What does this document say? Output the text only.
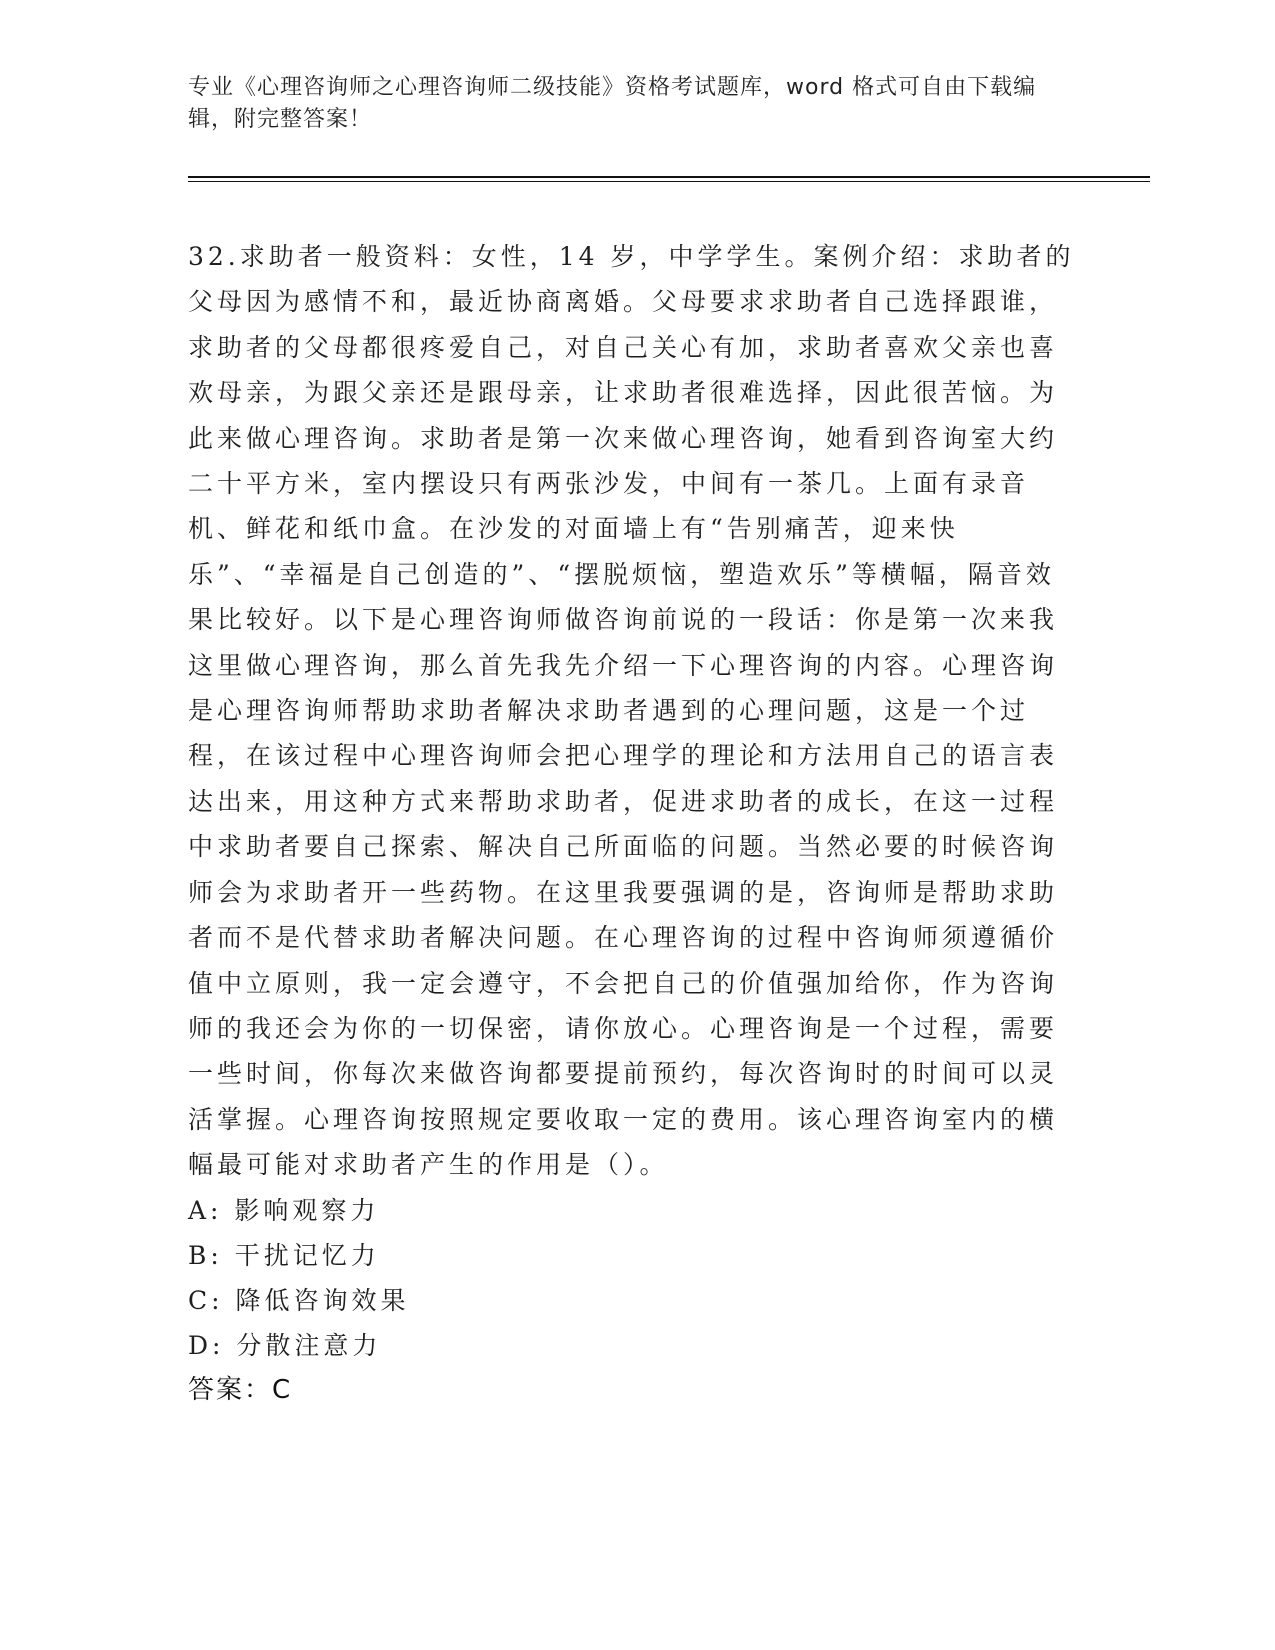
专业《心理咨询师之心理咨询师二级技能》资格考试题库，word 格式可自由下载编辑，附完整答案！
32.求助者一般资料：女性，14 岁，中学学生。案例介绍：求助者的父母因为感情不和，最近协商离婚。父母要求求助者自己选择跟谁，求助者的父母都很疼爱自己，对自己关心有加，求助者喜欢父亲也喜欢母亲，为跟父亲还是跟母亲，让求助者很难选择，因此很苦恼。为此来做心理咨询。求助者是第一次来做心理咨询，她看到咨询室大约二十平方米，室内摆设只有两张沙发，中间有一茶几。上面有录音机、鲜花和纸巾盒。在沙发的对面墙上有“告别痛苦，迎来快乐”、“幸福是自己创造的”、“摆脱烦恼，塑造欢乐”等横幅，隔音效果比较好。以下是心理咨询师做咨询前说的一段话：你是第一次来我这里做心理咨询，那么首先我先介绍一下心理咨询的内容。心理咨询是心理咨询师帮助求助者解决求助者遇到的心理问题，这是一个过程，在该过程中心理咨询师会把心理学的理论和方法用自己的语言表达出来，用这种方式来帮助求助者，促进求助者的成长，在这一过程中求助者要自己探索、解决自己所面临的问题。当然必要的时候咨询师会为求助者开一些药物。在这里我要强调的是，咨询师是帮助求助者而不是代替求助者解决问题。在心理咨询的过程中咨询师须遵循价值中立原则，我一定会遵守，不会把自己的价值强加给你，作为咨询师的我还会为你的一切保密，请你放心。心理咨询是一个过程，需要一些时间，你每次来做咨询都要提前预约，每次咨询时的时间可以灵活掌握。心理咨询按照规定要收取一定的费用。该心理咨询室内的横幅最可能对求助者产生的作用是（）。
A: 影响观察力
B: 干扰记忆力
C: 降低咨询效果
D: 分散注意力
答案：C
